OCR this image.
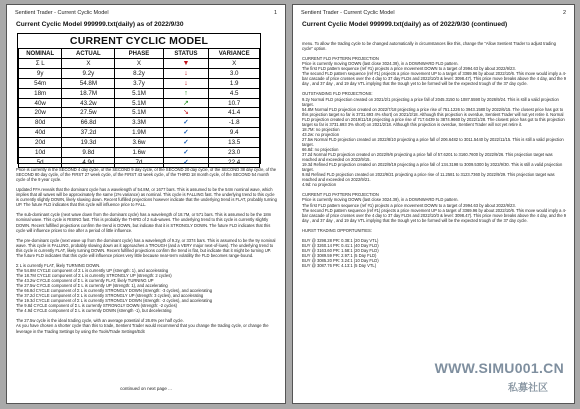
Sentient Trader - Current Cyclic Model	1
Current Cyclic Model 999999.txt(daily) as of 2022/9/30
CURRENT CYCLIC MODEL
NOMINAL	ACTUAL	PHASE	STATUS	VARIANCE
Σ L	X	X	▼	X
9y	9.2y	8.2y	↓	3.0
54m	54.8M	3.7y	↓	1.9
18m	18.7M	5.1M	↑	4.5
40w	43.2w	5.1M	↗	10.7
20w	27.5w	5.1M	↘	41.4
80d	66.8d	3.3M	✓	-1.8
40d	37.2d	1.9M	✓	9.4
20d	19.3d	3.6w	✓	13.5
10d	9.8d	1.6w	✓	23.0
5d	4.9d	7d	✓	22.4
Price is currently in the SECOND 4 day cycle, of the SECOND 9 day cycle, of the SECOND 20 day cycle, of the SECOND 38 day cycle, of the SECOND 80 day cycle, of the FIRST 27 week cycle, of the FIRST 43 week cycle, of the THIRD 18 month cycle, of the SECOND 54 month cycle of the 9 year cycle.

Updated FFA reveals that the dominant cycle has a wavelength of 54.8M, or 1677 bars. This is assumed to be the 54m nominal wave, which implies that all waves will be approximately the same (2% variance) as nominal. This cycle is FALLING fast. The underlying trend to this cycle is currently slightly DOWN, likely slowing down. Recent fulfilled projections however indicate that the underlying trend is FLAT, probably turning UP. The future FLD indicates that this cycle will influence price to FALL.

The sub-dominant cycle (next wave down from the dominant cycle) has a wavelength of 18.7M, or 571 bars. This is assumed to be the 18m nominal wave. This cycle is RISING fast. This is probably the THIRD of 2 sub-waves. The underlying trend to this cycle is currently slightly DOWN. Recent fulfilled projections confirm the trend is DOWN, but indicate that it is STRONGLY DOWN. The future FLD indicates that this cycle will influence prices to rise after a period of little influence.

The pre-dominant cycle (next wave up from the dominant cycle) has a wavelength of 9.2y, or 3374 bars. This is assumed to be the 9y nominal wave. This cycle is FALLING, probably slowing down as it approaches a TROUGH (and a VERY major next-of-lows). The underlying trend to this cycle is currently FLAT, likely turning DOWN. Recent fulfilled projections confirm the trend is flat, but indicate that it might be turning UP. The future FLD indicates that this cycle will influence prices very little because near-term volatility the FLD becomes range-bound.

Σ L is currently FLAT, likely TURNING DOWN.
The 54.8M CYCLE component of Σ L is currently UP (strength: 1), and accelerating
The 18.7M CYCLE component of Σ L is currently STRONGLY UP (strength: 2 cycles)
The 43.2w CYCLE component of Σ L is currently FLAT, likely TURNING UP
The 27.5w CYCLE component of Σ L is currently UP (strength: 1), and accelerating
The 66.8d CYCLE component of Σ L is currently STRONGLY DOWN (strength: -3 cycles), and accelerating
The 37.2d CYCLE component of Σ L is currently STRONGLY UP (strength: 3 cycles), and accelerating
The 19.3d CYCLE component of Σ L is currently STRONGLY DOWN (strength: -2 cycles), and accelerating
The 9.8d CYCLE component of Σ L is currently STRONGLY DOWN (strength: -2 cycles)
The 4.9d CYCLE component of Σ L is currently DOWN (strength -1), but decelerating

The 27.5w cycle is the ideal trading cycle, with an average potential of 26.6% per half cycle.
As you have chosen a shorter cycle than this to trade, Sentient Trader would recommend that you change the trading cycle, or change the leverage in the Trading Settings by using the Tools/Trade Settings/Edit
continued on next page ...
Sentient Trader - Current Cyclic Model	2
Current Cyclic Model 999999.txt(daily) as of 2022/9/30 (continued)
menu. To allow the trading cycle to be changed automatically in circumstances like this, change the "Allow Sentient Trader to adjust trading cycle" option.

CURRENT FLD PATTERN PROJECTION
Price is currently moving DOWN (last close 3024.39), in a DOWNWARD FLD pattern.
The first FLD pattern sequence (ref #1) projects a price movement DOWN to a target of 2994.63 by about 2022/9/23.
The second FLD pattern sequence (ref #1) projects a price movement UP to a target of 3369.96 by about 2022/10/6. This move would imply a 4-bar cascade of price crosses over the 4 day to 37 day FLDs and 2022/10/3 & level: 3098.47). This price move breaks above the 4 day, and the 9 day , and 37 day , and 19 day VTL implying that the trough yet to be formed will be the expected trough of the 37 day cycle.

OUTSTANDING FLD PROJECTIONS:
9.2y Normal FLD projection created on 2021/2/1 projecting a price fall of 2045.3150 to 1087.5590 by 2026/9/24. This is still a valid projection target.
54.8M Normal FLD projection created on 2022/7/18 projecting a price rise of 751.1226 to 3943.1580 by 2022/6/15. The closest price has got to this projection target so far is 3731.693 4% short) on 2021/2/18. Although this projection is overdue, Sentient Trader will not yet retire it. Normal FLD projection created on 2019/11/18 projecting a price rise of 717.6439 to 3874.9660 by 2022/1/28. The closest price has got to this projection target so far is 3731.693 3% short) on 2021/2/18. Although this projection is overdue, Sentient Trader will not yet retire it.
18.7M: no projection
43.2w: no projection
27.5w Normal FLD projection created on 2022/8/10 projecting a price fall of 206.6482 to 3011.5440 by 2022/11/15. This is still a valid projection target.
66.8d: no projection
37.2d Normal FLD projection created on 2022/9/6 projecting a price fall of 57.6201 to 3160.7600 by 2022/9/26. This projection target was reached and exceeded on 2022/9/15.
19.3d Refined FLD projection created on 2022/9/19 projecting a price fall of 134.3198 to 3009.5300 by 2022/9/30. This is still a valid projection target.
9.8d Refined FLD projection created on 2022/9/21 projecting a price rise of 11.2581 to 3123.7360 by 2022/9/29. This projection target was reached and exceeded on 2022/9/21.
4.9d: no projection

CURRENT FLD PATTERN PROJECTION
Price is currently moving DOWN (last close 3024.39), in a DOWNWARD FLD pattern.
The first FLD pattern sequence (ref #1) projects a price movement DOWN to a target of 2994.63 by about 2022/9/23.
The second FLD pattern sequence (ref #1) projects a price movement UP to a target of 3369.96 by about 2022/10/6. This move would imply a 4-bar cascade of price crosses over the 4 day to 37 day FLDs and 2022/10/3 & level: 3098.47). This price move breaks above the 4 day, and the 9 day , and 37 day , and 19 day VTL implying that the trough yet to be formed will be the expected trough of the 37 day cycle.

HURST TRADING OPPORTUNITIES:

BUY @ 3298.28 PR: 0.38:1 (20 Day VTL)
BUY @ 3260.14 PR: 0.41:1 (40 Day FLD)
BUY @ 3163.60 PR: 1.58:1 (20 Day FLD)
BUY @ 3089.59 PR: 2.97:1 (5 Day FLD)
BUY @ 3085.20 PR: 3.24:1 (10 Day FLD)
BUY @ 3087.76 PR: 4.13:1 (5 Day VTL)
WWW.SIMU001.CN
私募社区
